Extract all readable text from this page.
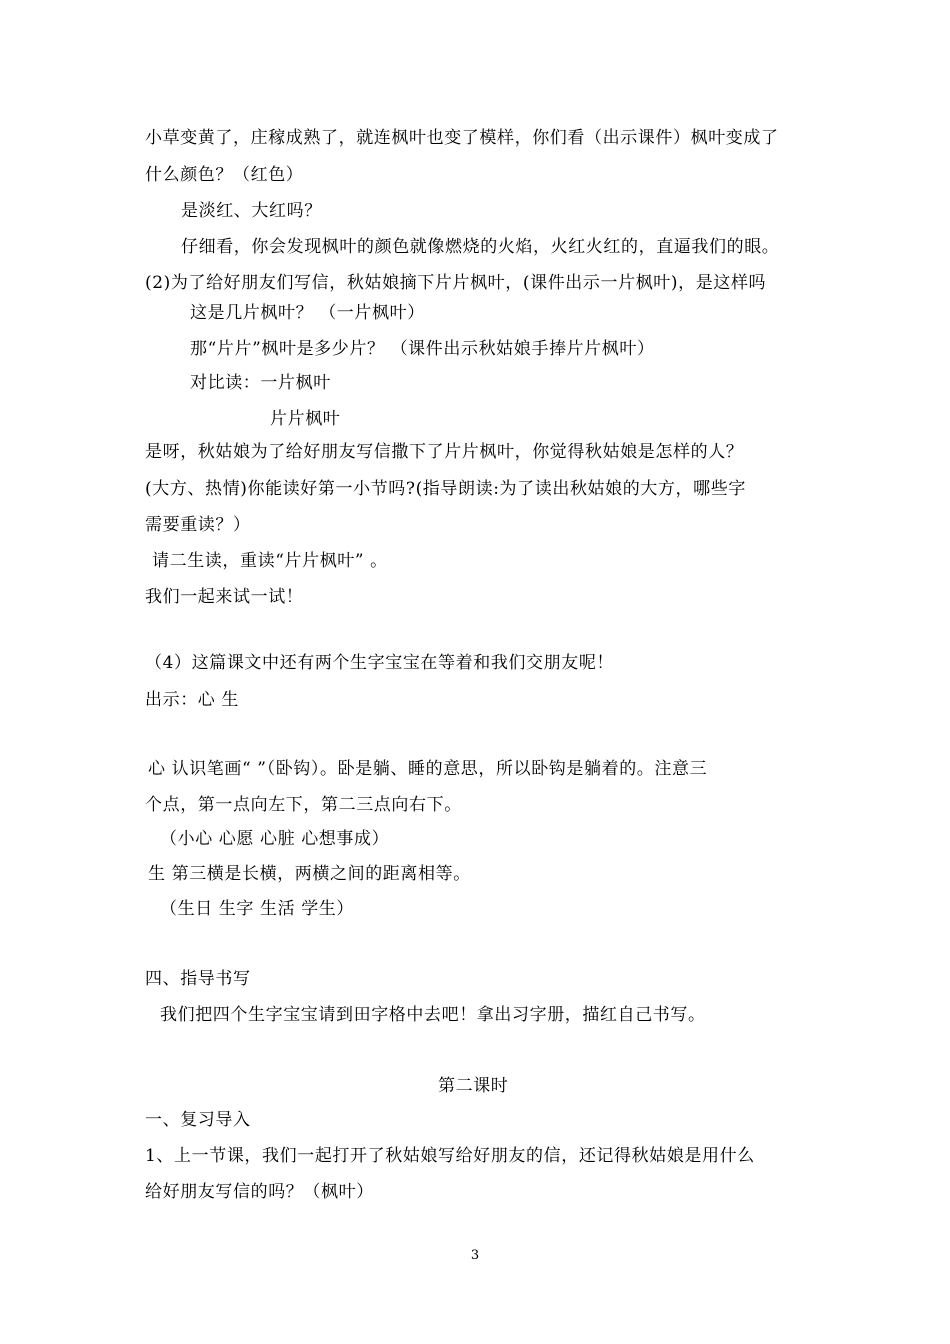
小草变黄了，庄稼成熟了，就连枫叶也变了模样，你们看（出示课件）枫叶变成了
什么颜色？（红色）
是淡红、大红吗？
仔细看，你会发现枫叶的颜色就像燃烧的火焰，火红火红的，直逼我们的眼。
(2)为了给好朋友们写信，秋姑娘摘下片片枫叶，(课件出示一片枫叶)，是这样吗
这是几片枫叶？ （一片枫叶）
那“片片”枫叶是多少片？ （课件出示秋姑娘手捧片片枫叶）
对比读：一片枫叶
片片枫叶
是呀，秋姑娘为了给好朋友写信撒下了片片枫叶，你觉得秋姑娘是怎样的人？
(大方、热情)你能读好第一小节吗?(指导朗读:为了读出秋姑娘的大方，哪些字
需要重读？）
请二生读，重读“片片枫叶” 。
我们一起来试一试！
（4）这篇课文中还有两个生字宝宝在等着和我们交朋友呢！
出示：心 生
心 认识笔画“ ”（卧钩）。卧是躺、睡的意思，所以卧钩是躺着的。注意三
个点，第一点向左下，第二三点向右下。
（小心 心愿 心脏 心想事成）
生 第三横是长横，两横之间的距离相等。
（生日 生字 生活 学生）
四、指导书写
我们把四个生字宝宝请到田字格中去吧！拿出习字册，描红自己书写。
第二课时
一、复习导入
1、上一节课，我们一起打开了秋姑娘写给好朋友的信，还记得秋姑娘是用什么
给好朋友写信的吗？（枫叶）
3
